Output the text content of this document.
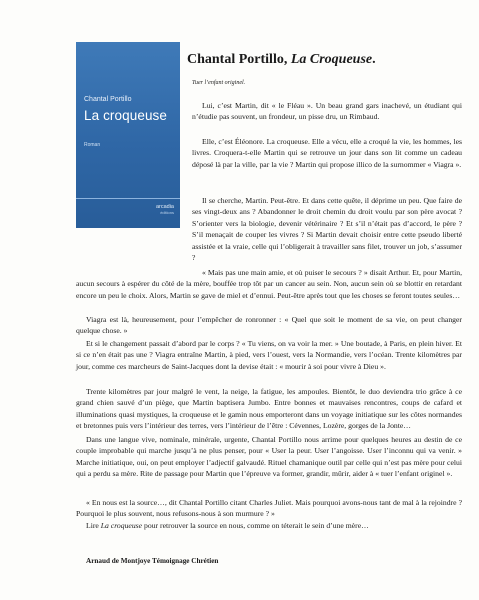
Chantal Portillo
La croqueuse
Roman
arcadia
éditions
Chantal Portillo, La Croqueuse.
Tuer l’enfant originel.

Lui, c’est Martin, dit « le Fléau ». Un beau grand gars inachevé, un étudiant qui n’étudie pas souvent, un frondeur, un pisse dru, un Rimbaud.

Elle, c’est Éléonore. La croqueuse. Elle a vécu, elle a croqué la vie, les hommes, les livres. Croquera-t-elle Martin qui se retrouve un jour dans son lit comme un cadeau déposé là par la ville, par la vie ? Martin qui propose illico de la surnommer « Viagra ».

Il se cherche, Martin. Peut-être. Et dans cette quête, il déprime un peu. Que faire de ses vingt-deux ans ? Abandonner le droit chemin du droit voulu par son père avocat ? S’orienter vers la biologie, devenir vétérinaire ? Et s’il n’était pas d’accord, le père ? S’il menaçait de couper les vivres ? Si Martin devait choisir entre cette pseudo liberté assistée et la vraie, celle qui l’obligerait à travailler sans filet, trouver un job, s’assumer ?

« Mais pas une main amie, et où puiser le secours ? » disait Arthur. Et, pour Martin, aucun secours à espérer du côté de la mère, bouffée trop tôt par un cancer au sein. Non, aucun sein où se blottir en retardant encore un peu le choix. Alors, Martin se gave de miel et d’ennui. Peut-être après tout que les choses se feront toutes seules…

Viagra est là, heureusement, pour l’empêcher de ronronner : « Quel que soit le moment de sa vie, on peut changer quelque chose. »

Et si le changement passait d’abord par le corps ? « Tu viens, on va voir la mer. » Une boutade, à Paris, en plein hiver. Et si ce n’en était pas une ? Viagra entraîne Martin, à pied, vers l’ouest, vers la Normandie, vers l’océan. Trente kilomètres par jour, comme ces marcheurs de Saint-Jacques dont la devise était : « mourir à soi pour vivre à Dieu ».

Trente kilomètres par jour malgré le vent, la neige, la fatigue, les ampoules. Bientôt, le duo deviendra trio grâce à ce grand chien sauvé d’un piège, que Martin baptisera Jumbo. Entre bonnes et mauvaises rencontres, coups de cafard et illuminations quasi mystiques, la croqueuse et le gamin nous emporteront dans un voyage initiatique sur les côtes normandes et bretonnes puis vers l’intérieur des terres, vers l’intérieur de l’être : Cévennes, Lozère, gorges de la Jonte…

Dans une langue vive, nominale, minérale, urgente, Chantal Portillo nous arrime pour quelques heures au destin de ce couple improbable qui marche jusqu’à ne plus penser, pour « User la peur. User l’angoisse. User l’inconnu qui va venir. » Marche initiatique, oui, on peut employer l’adjectif galvaudé. Rituel chamanique outil par celle qui n’est pas mère pour celui qui a perdu sa mère. Rite de passage pour Martin que l’épreuve va former, grandir, mûrir, aider à « tuer l’enfant originel ».

« En nous est la source…, dit Chantal Portillo citant Charles Juliet. Mais pourquoi avons-nous tant de mal à la rejoindre ? Pourquoi le plus souvent, nous refusons-nous à son murmure ? »

Lire La croqueuse pour retrouver la source en nous, comme on téterait le sein d’une mère…

Arnaud de Montjoye Témoignage Chrétien
